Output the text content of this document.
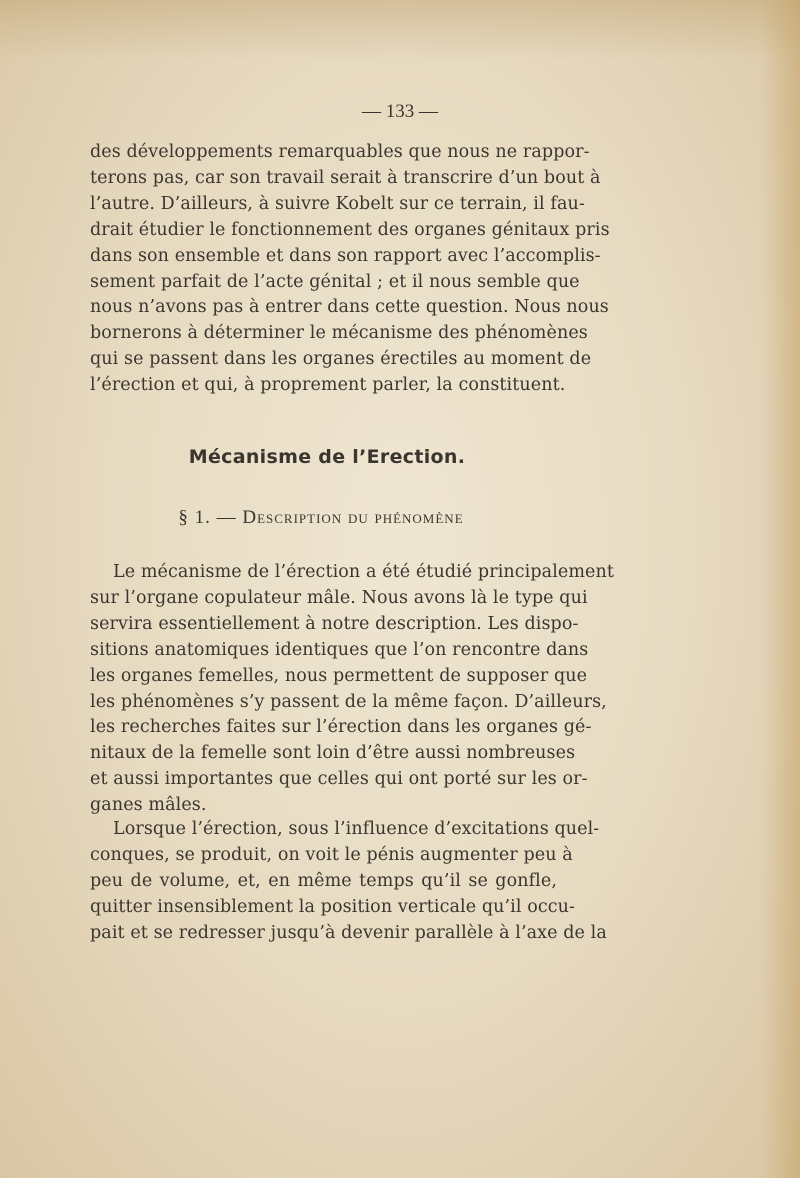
— 133 —
des développements remarquables que nous ne rappor-
terons pas, car son travail serait à transcrire d’un bout à
l’autre. D’ailleurs, à suivre Kobelt sur ce terrain, il fau-
drait étudier le fonctionnement des organes génitaux pris
dans son ensemble et dans son rapport avec l’accomplis-
sement parfait de l’acte génital ; et il nous semble que
nous n’avons pas à entrer dans cette question. Nous nous
bornerons à déterminer le mécanisme des phénomènes
qui se passent dans les organes érectiles au moment de
l’érection et qui, à proprement parler, la constituent.
Mécanisme de l’Erection.
§ 1. — Description du phénomène
Le mécanisme de l’érection a été étudié principalement
sur l’organe copulateur mâle. Nous avons là le type qui
servira essentiellement à notre description. Les dispo-
sitions anatomiques identiques que l’on rencontre dans
les organes femelles, nous permettent de supposer que
les phénomènes s’y passent de la même façon. D’ailleurs,
les recherches faites sur l’érection dans les organes gé-
nitaux de la femelle sont loin d’être aussi nombreuses
et aussi importantes que celles qui ont porté sur les or-
ganes mâles.
Lorsque l’érection, sous l’influence d’excitations quel-
conques, se produit, on voit le pénis augmenter peu à
peu de volume, et, en même temps qu’il se gonfle,
quitter insensiblement la position verticale qu’il occu-
pait et se redresser jusqu’à devenir parallèle à l’axe de la
